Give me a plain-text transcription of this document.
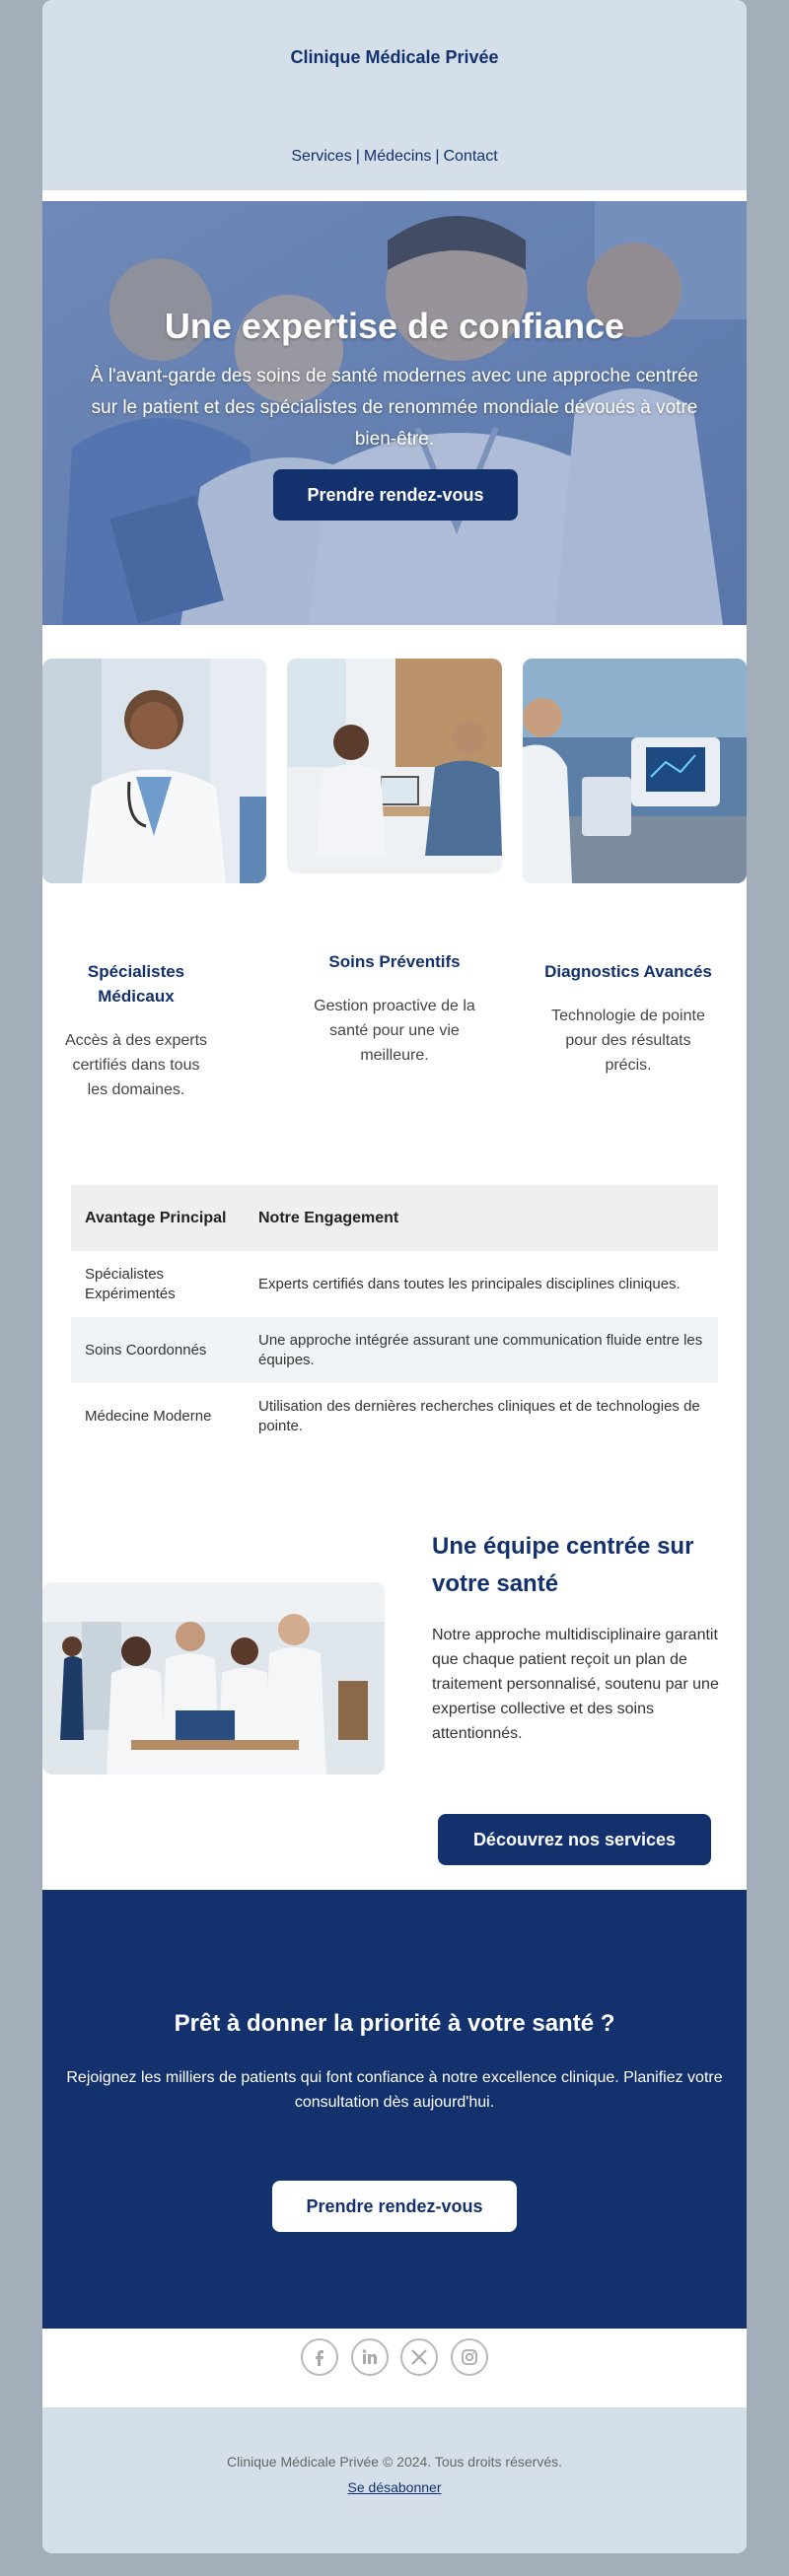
Clinique Médicale Privée
Services | Médecins | Contact
Une expertise de confiance
À l'avant-garde des soins de santé modernes avec une approche centrée sur le patient et des spécialistes de renommée mondiale dévoués à votre bien-être.
Prendre rendez-vous
Spécialistes Médicaux

Accès à des experts certifiés dans tous les domaines.

Soins Préventifs

Gestion proactive de la santé pour une vie meilleure.

Diagnostics Avancés

Technologie de pointe pour des résultats précis.

Avantage Principal	Notre Engagement
Spécialistes Expérimentés	Experts certifiés dans toutes les principales disciplines cliniques.
Soins Coordonnés	Une approche intégrée assurant une communication fluide entre les équipes.
Médecine Moderne	Utilisation des dernières recherches cliniques et de technologies de pointe.
Une équipe centrée sur votre santé
Notre approche multidisciplinaire garantit que chaque patient reçoit un plan de traitement personnalisé, soutenu par une expertise collective et des soins attentionnés.
Découvrez nos services
Prêt à donner la priorité à votre santé ?

Rejoignez les milliers de patients qui font confiance à notre excellence clinique. Planifiez votre consultation dès aujourd'hui.

Prendre rendez-vous

Clinique Médicale Privée © 2024. Tous droits réservés.
Se désabonner
